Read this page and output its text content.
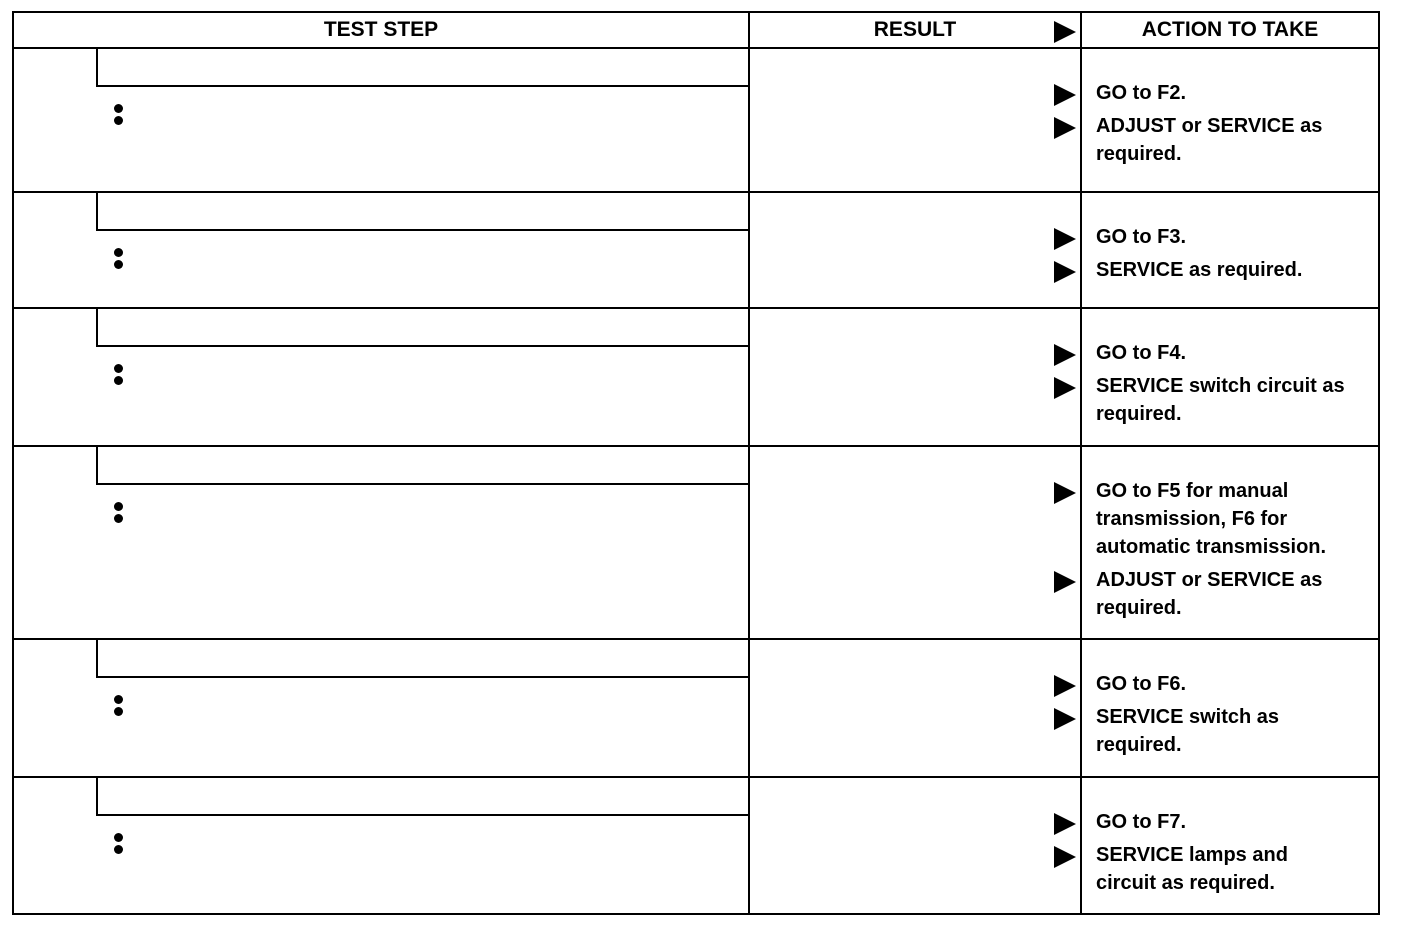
TEST STEP	RESULT	ACTION TO TAKE
GO to F2.
ADJUST or SERVICE as
required.
GO to F3.
SERVICE as required.
GO to F4.
SERVICE switch circuit as
required.
GO to F5 for manual transmission, F6 for automatic transmission.
ADJUST or SERVICE as
required.
GO to F6.
SERVICE switch as
required.
GO to F7.
SERVICE lamps and
circuit as required.
